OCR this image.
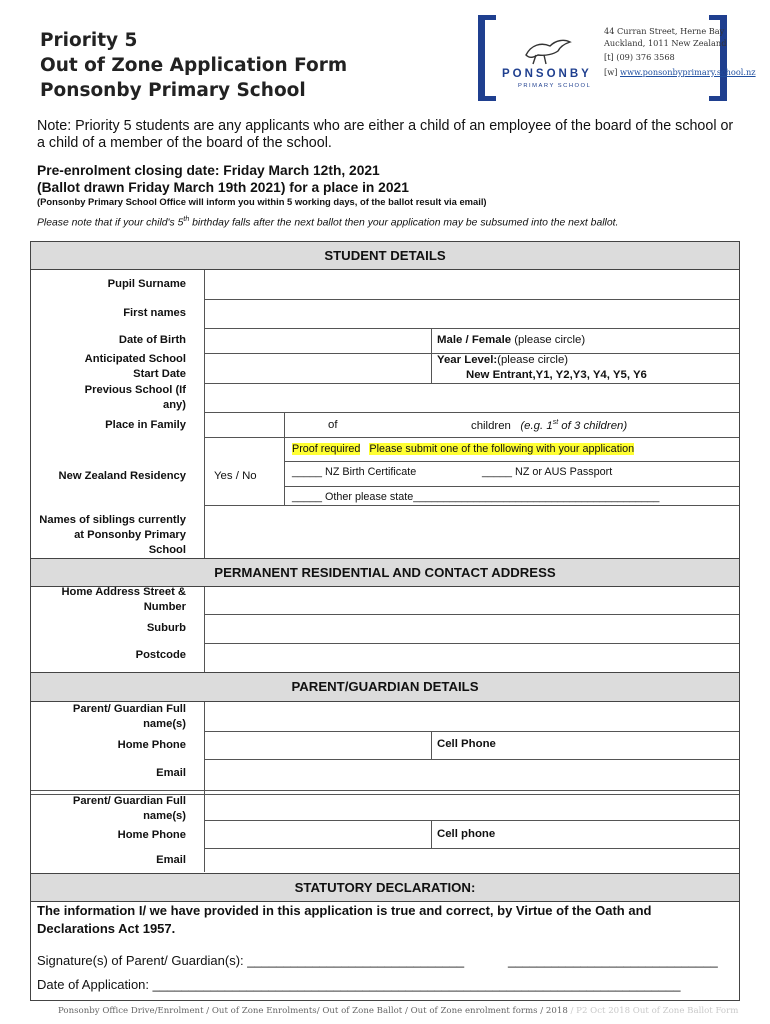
Priority 5
Out of Zone Application Form
Ponsonby Primary School
PONSONBY
PRIMARY SCHOOL
44 Curran Street, Herne Bay
Auckland, 1011 New Zealand
[t] (09) 376 3568
[w] www.ponsonbyprimary.school.nz
Note: Priority 5 students are any applicants who are either a child of an employee of the board of the school or a child of a member of the board of the school.
Pre-enrolment closing date: Friday March 12th, 2021
(Ballot drawn Friday March 19th 2021) for a place in 2021
(Ponsonby Primary School Office will inform you within 5 working days, of the ballot result via email)
Please note that if your child's 5th birthday falls after the next ballot then your application may be subsumed into the next ballot.
STUDENT DETAILS
Pupil Surname
First names
Date of Birth	Male / Female (please circle)
Anticipated School Start Date
Year Level:(please circle)
New Entrant,Y1, Y2,Y3, Y4, Y5, Y6
Previous School (If any)
Place in Family	of	children (e.g. 1st of 3 children)
New Zealand Residency Yes / No
Proof required Please submit one of the following with your application
_____ NZ Birth Certificate	_____ NZ or AUS Passport
_____ Other please state_________________________________________
Names of siblings currently at Ponsonby Primary School
PERMANENT RESIDENTIAL AND CONTACT ADDRESS
Home Address Street & Number
Suburb
Postcode
PARENT/GUARDIAN DETAILS
Parent/ Guardian Full name(s)
Home Phone	Cell Phone
Email
Parent/ Guardian Full name(s)
Home Phone	Cell phone
Email
STATUTORY DECLARATION:
The information I/ we have provided in this application is true and correct, by Virtue of the Oath and Declarations Act 1957.
Signature(s) of Parent/ Guardian(s): ______________________________	_____________________________
Date of Application: _________________________________________________________________________
Ponsonby Office Drive/Enrolment / Out of Zone Enrolments/ Out of Zone Ballot / Out of Zone enrolment forms / 2018 / P2 Oct 2018 Out of Zone Ballot Form
